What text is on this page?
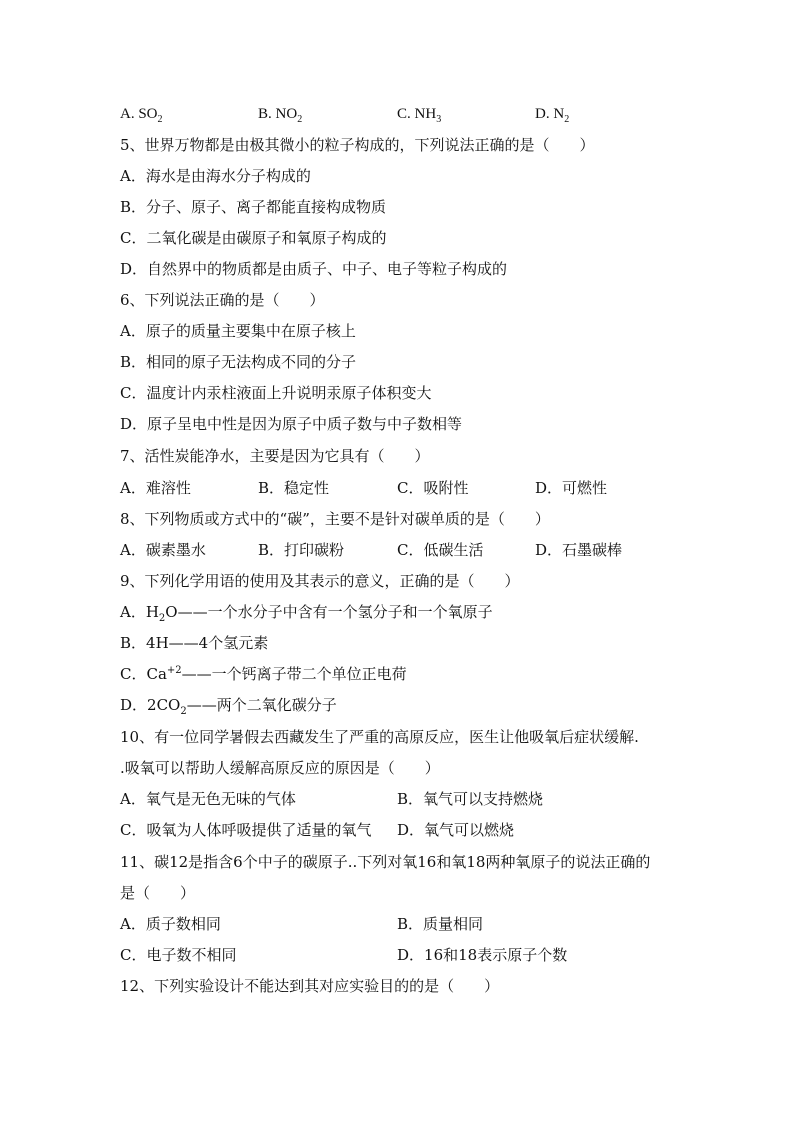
A. $SO_2$	B. $NO_2$	C. $NH_3$	D. $N_2$
5、世界万物都是由极其微小的粒子构成的，下列说法正确的是（　　）
A．海水是由海水分子构成的
B．分子、原子、离子都能直接构成物质
C．二氧化碳是由碳原子和氧原子构成的
D．自然界中的物质都是由质子、中子、电子等粒子构成的
6、下列说法正确的是（　　）
A．原子的质量主要集中在原子核上
B．相同的原子无法构成不同的分子
C．温度计内汞柱液面上升说明汞原子体积变大
D．原子呈电中性是因为原子中质子数与中子数相等
7、活性炭能净水，主要是因为它具有（　　）
A．难溶性	B．稳定性	C．吸附性	D．可燃性
8、下列物质或方式中的“碳”，主要不是针对碳单质的是（　　）
A．碳素墨水	B．打印碳粉	C．低碳生活	D．石墨碳棒
9、下列化学用语的使用及其表示的意义，正确的是（　　）
A．$H_2O——$一个水分子中含有一个氢分子和一个氧原子
B．4H——4个氢元素
C．$Ca^{+2}——$一个钙离子带二个单位正电荷
D．$2CO_2——$两个二氧化碳分子
10、有一位同学暑假去西藏发生了严重的高原反应，医生让他吸氧后症状缓解.
.吸氧可以帮助人缓解高原反应的原因是（　　）
A．氧气是无色无味的气体	B．氧气可以支持燃烧
C．吸氧为人体呼吸提供了适量的氧气 D．氧气可以燃烧
11、碳12是指含6个中子的碳原子..下列对氧16和氧18两种氧原子的说法正确的
是（　　）
A．质子数相同	B．质量相同
C．电子数不相同	D．16和18表示原子个数
12、下列实验设计不能达到其对应实验目的的是（　　）
